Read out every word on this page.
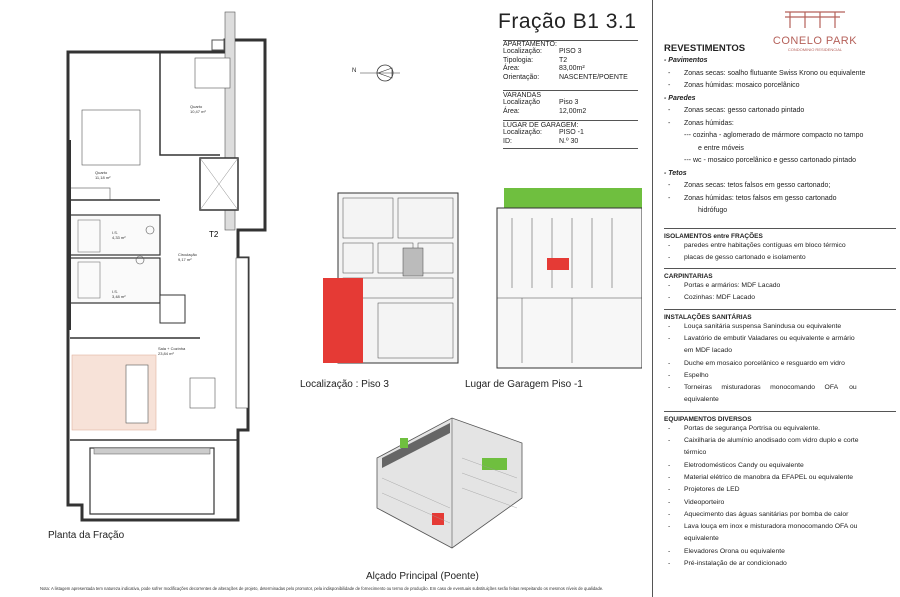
Quarto
10,47 m²
Quarto
11,18 m²
I.S.
4,33 m²
I.S.
3,48 m²
Circulação
9,17 m²
Sala + Cozinha
23,84 m²
T2
Planta da Fração
N
Fração B1 3.1
APARTAMENTO:
Localização:	PISO 3
Tipologia:	T2
Área:	83,00m²
Orientação:	NASCENTE/POENTE
VARANDAS
Localização	Piso 3
Área:	12,00m2
LUGAR DE GARAGEM:
Localização:	PISO -1
ID:	N.º 30
Localização : Piso 3	Lugar de Garagem Piso -1
Alçado Principal (Poente)
Nota: A listagem apresentada tem natureza indicativa, pode sofrer modificações decorrentes de alterações de projeto, determinadas pelo promotor, pela indisponibilidade de fornecimento ou termo de produção. Em caso de eventuais substituições serão feitas respeitando os mesmos níveis de qualidade.
CONELO PARK
CONDOMINIO RESIDENCIAL
REVESTIMENTOS
- Pavimentos
- Zonas secas: soalho flutuante Swiss Krono ou equivalente
- Zonas húmidas: mosaico porcelânico
- Paredes
- Zonas secas: gesso cartonado pintado
- Zonas húmidas:
--- cozinha - aglomerado de mármore compacto no tampo
e entre móveis
--- wc - mosaico porcelânico e gesso cartonado pintado
- Tetos
- Zonas secas: tetos falsos em gesso cartonado;
- Zonas húmidas: tetos falsos em gesso cartonado
hidrófugo
ISOLAMENTOS entre FRAÇÕES
- paredes entre habitações contíguas em bloco térmico
- placas de gesso cartonado e isolamento
CARPINTARIAS
- Portas e armários: MDF Lacado
- Cozinhas: MDF Lacado
INSTALAÇÕES SANITÁRIAS
- Louça sanitária suspensa Sanindusa ou equivalente
- Lavatório de embutir Valadares ou equivalente e armário
em MDF lacado
- Duche em mosaico porcelânico e resguardo em vidro
- Espelho
- Torneiras     misturadoras     monocomando     OFA      ou
equivalente
EQUIPAMENTOS DIVERSOS
- Portas de segurança Portrisa ou equivalente.
- Caixilharia de alumínio anodisado com vidro duplo e corte
térmico
- Eletrodomésticos Candy ou equivalente
- Material elétrico de manobra da EFAPEL ou equivalente
- Projetores de LED
- Videoporteiro
- Aquecimento das águas sanitárias por bomba de calor
- Lava louça em inox e misturadora monocomando OFA ou
equivalente
- Elevadores Orona ou equivalente
- Pré-instalação de ar condicionado
